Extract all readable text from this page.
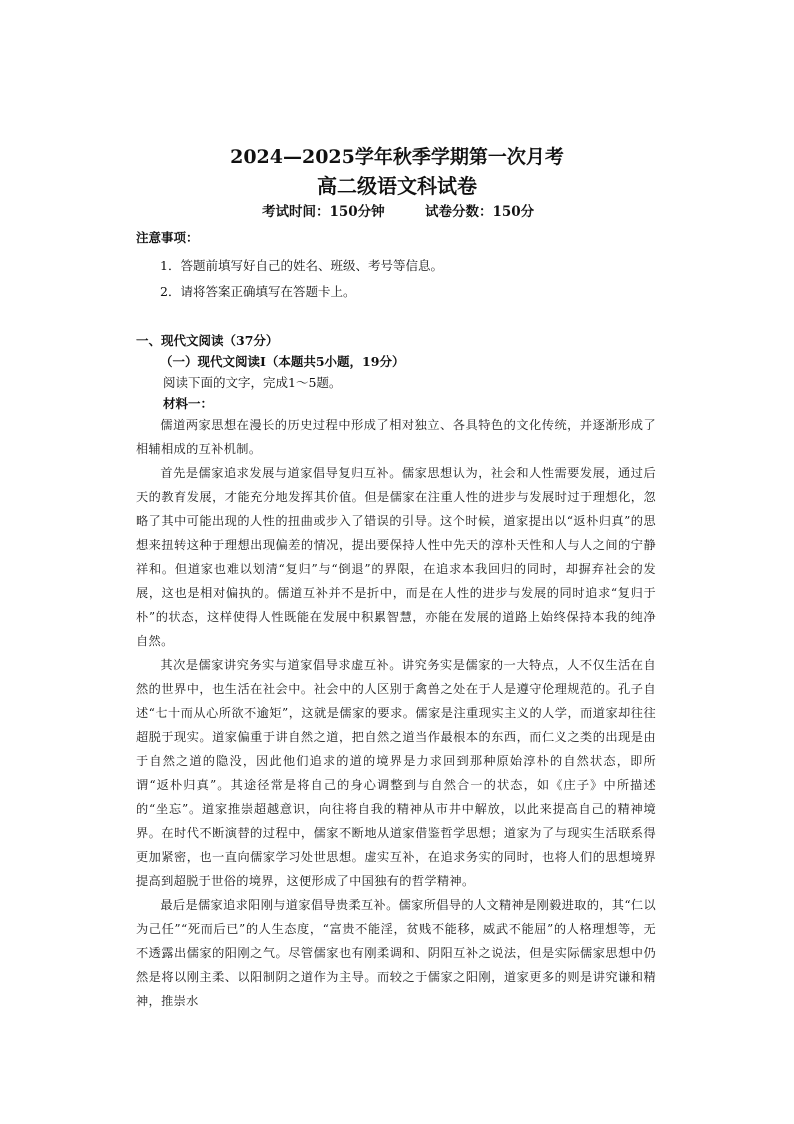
2024—2025学年秋季学期第一次月考
高二级语文科试卷
考试时间：150分钟	试卷分数：150分
注意事项：
1．答题前填写好自己的姓名、班级、考号等信息。
2．请将答案正确填写在答题卡上。
一、现代文阅读（37分）
（一）现代文阅读Ⅰ（本题共5小题，19分）
阅读下面的文字，完成1～5题。
材料一：

儒道两家思想在漫长的历史过程中形成了相对独立、各具特色的文化传统，并逐渐形成了相辅相成的互补机制。

首先是儒家追求发展与道家倡导复归互补。儒家思想认为，社会和人性需要发展，通过后天的教育发展，才能充分地发挥其价值。但是儒家在注重人性的进步与发展时过于理想化，忽略了其中可能出现的人性的扭曲或步入了错误的引导。这个时候，道家提出以“返朴归真”的思想来扭转这种于理想出现偏差的情况，提出要保持人性中先天的淳朴天性和人与人之间的宁静祥和。但道家也难以划清“复归”与“倒退”的界限，在追求本我回归的同时，却摒弃社会的发展，这也是相对偏执的。儒道互补并不是折中，而是在人性的进步与发展的同时追求“复归于朴”的状态，这样使得人性既能在发展中积累智慧，亦能在发展的道路上始终保持本我的纯净自然。

其次是儒家讲究务实与道家倡导求虚互补。讲究务实是儒家的一大特点，人不仅生活在自然的世界中，也生活在社会中。社会中的人区别于禽兽之处在于人是遵守伦理规范的。孔子自述“七十而从心所欲不逾矩”，这就是儒家的要求。儒家是注重现实主义的人学，而道家却往往超脱于现实。道家偏重于讲自然之道，把自然之道当作最根本的东西，而仁义之类的出现是由于自然之道的隐没，因此他们追求的道的境界是力求回到那种原始淳朴的自然状态，即所谓“返朴归真”。其途径常是将自己的身心调整到与自然合一的状态，如《庄子》中所描述的“坐忘”。道家推崇超越意识，向往将自我的精神从市井中解放，以此来提高自己的精神境界。在时代不断演替的过程中，儒家不断地从道家借鉴哲学思想；道家为了与现实生活联系得更加紧密，也一直向儒家学习处世思想。虚实互补，在追求务实的同时，也将人们的思想境界提高到超脱于世俗的境界，这便形成了中国独有的哲学精神。

最后是儒家追求阳刚与道家倡导贵柔互补。儒家所倡导的人文精神是刚毅进取的，其“仁以为己任”“死而后已”的人生态度，“富贵不能淫，贫贱不能移，威武不能屈”的人格理想等，无不透露出儒家的阳刚之气。尽管儒家也有刚柔调和、阴阳互补之说法，但是实际儒家思想中仍然是将以刚主柔、以阳制阴之道作为主导。而较之于儒家之阳刚，道家更多的则是讲究谦和精神，推崇水
